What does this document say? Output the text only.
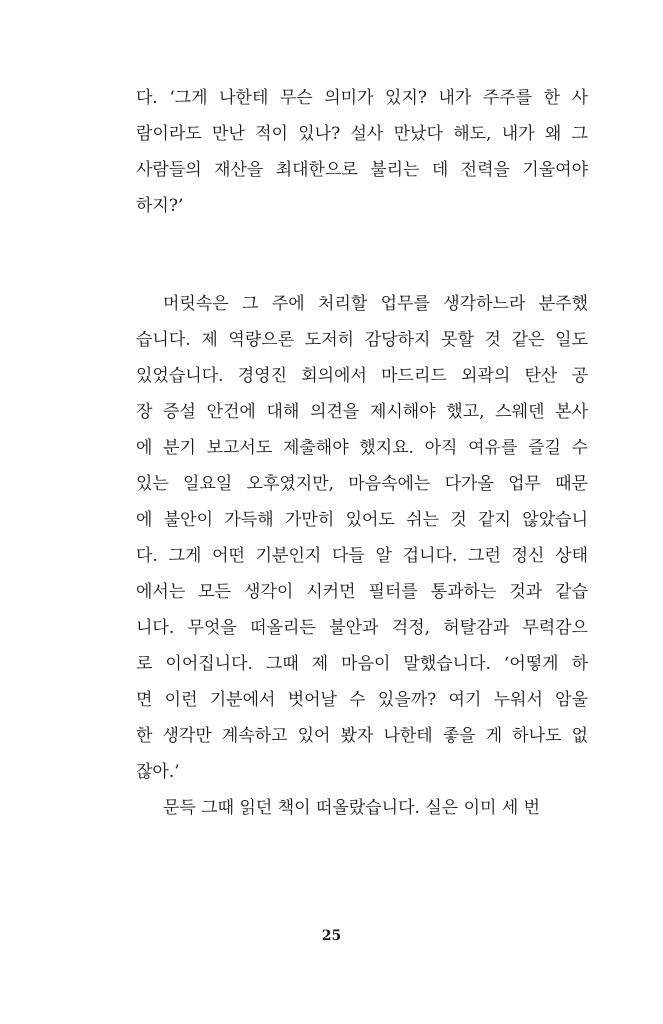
다. ‘그게 나한테 무슨 의미가 있지? 내가 주주를 한 사
람이라도 만난 적이 있나? 설사 만났다 해도, 내가 왜 그
사람들의 재산을 최대한으로 불리는 데 전력을 기울여야
하지?’
머릿속은 그 주에 처리할 업무를 생각하느라 분주했
습니다. 제 역량으론 도저히 감당하지 못할 것 같은 일도
있었습니다. 경영진 회의에서 마드리드 외곽의 탄산 공
장 증설 안건에 대해 의견을 제시해야 했고, 스웨덴 본사
에 분기 보고서도 제출해야 했지요. 아직 여유를 즐길 수
있는 일요일 오후였지만, 마음속에는 다가올 업무 때문
에 불안이 가득해 가만히 있어도 쉬는 것 같지 않았습니
다. 그게 어떤 기분인지 다들 알 겁니다. 그런 정신 상태
에서는 모든 생각이 시커먼 필터를 통과하는 것과 같습
니다. 무엇을 떠올리든 불안과 걱정, 허탈감과 무력감으
로 이어집니다. 그때 제 마음이 말했습니다. ‘어떻게 하
면 이런 기분에서 벗어날 수 있을까? 여기 누워서 암울
한 생각만 계속하고 있어 봤자 나한테 좋을 게 하나도 없
잖아.’
문득 그때 읽던 책이 떠올랐습니다. 실은 이미 세 번
25
